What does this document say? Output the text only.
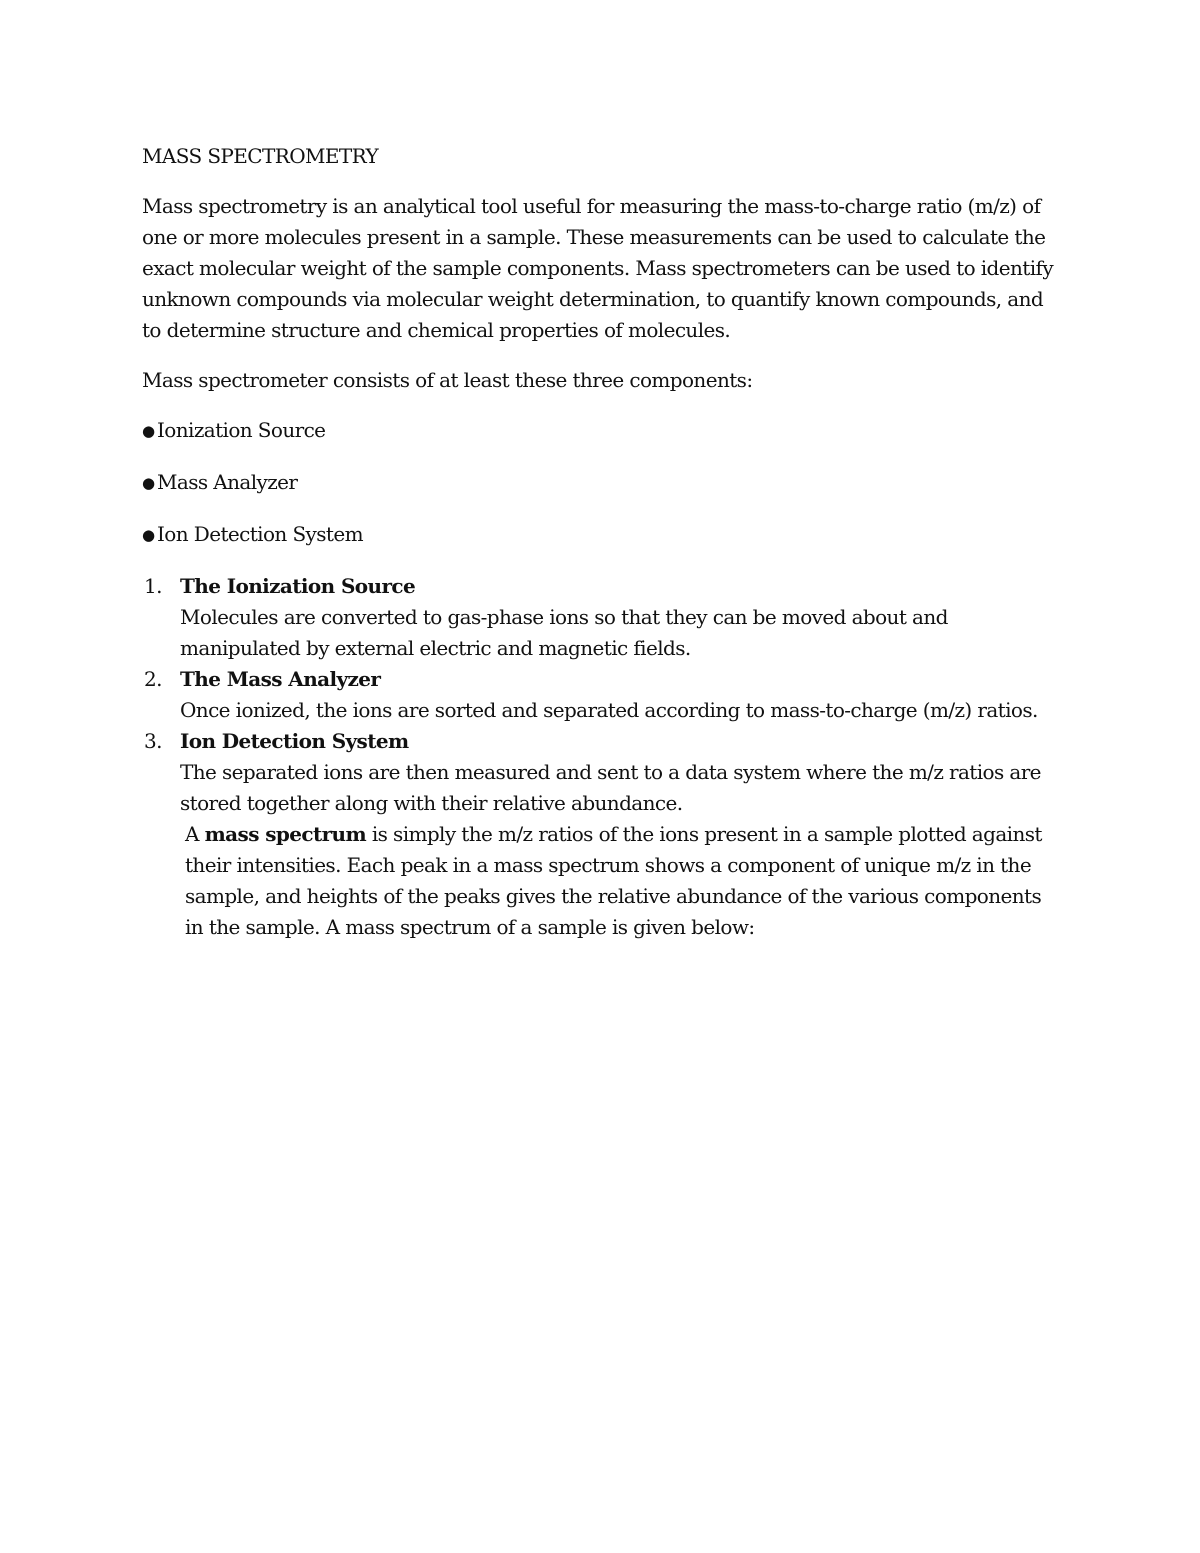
MASS SPECTROMETRY

Mass spectrometry is an analytical tool useful for measuring the mass-to-charge ratio (m/z) of one or more molecules present in a sample. These measurements can be used to calculate the exact molecular weight of the sample components. Mass spectrometers can be used to identify unknown compounds via molecular weight determination, to quantify known compounds, and to determine structure and chemical properties of molecules.

Mass spectrometer consists of at least these three components:

● Ionization Source
● Mass Analyzer
● Ion Detection System
1. The Ionization Source
Molecules are converted to gas-phase ions so that they can be moved about and manipulated by external electric and magnetic fields.
2. The Mass Analyzer
Once ionized, the ions are sorted and separated according to mass-to-charge (m/z) ratios.
3. Ion Detection System
The separated ions are then measured and sent to a data system where the m/z ratios are stored together along with their relative abundance.
A mass spectrum is simply the m/z ratios of the ions present in a sample plotted against their intensities. Each peak in a mass spectrum shows a component of unique m/z in the sample, and heights of the peaks gives the relative abundance of the various components in the sample. A mass spectrum of a sample is given below:
